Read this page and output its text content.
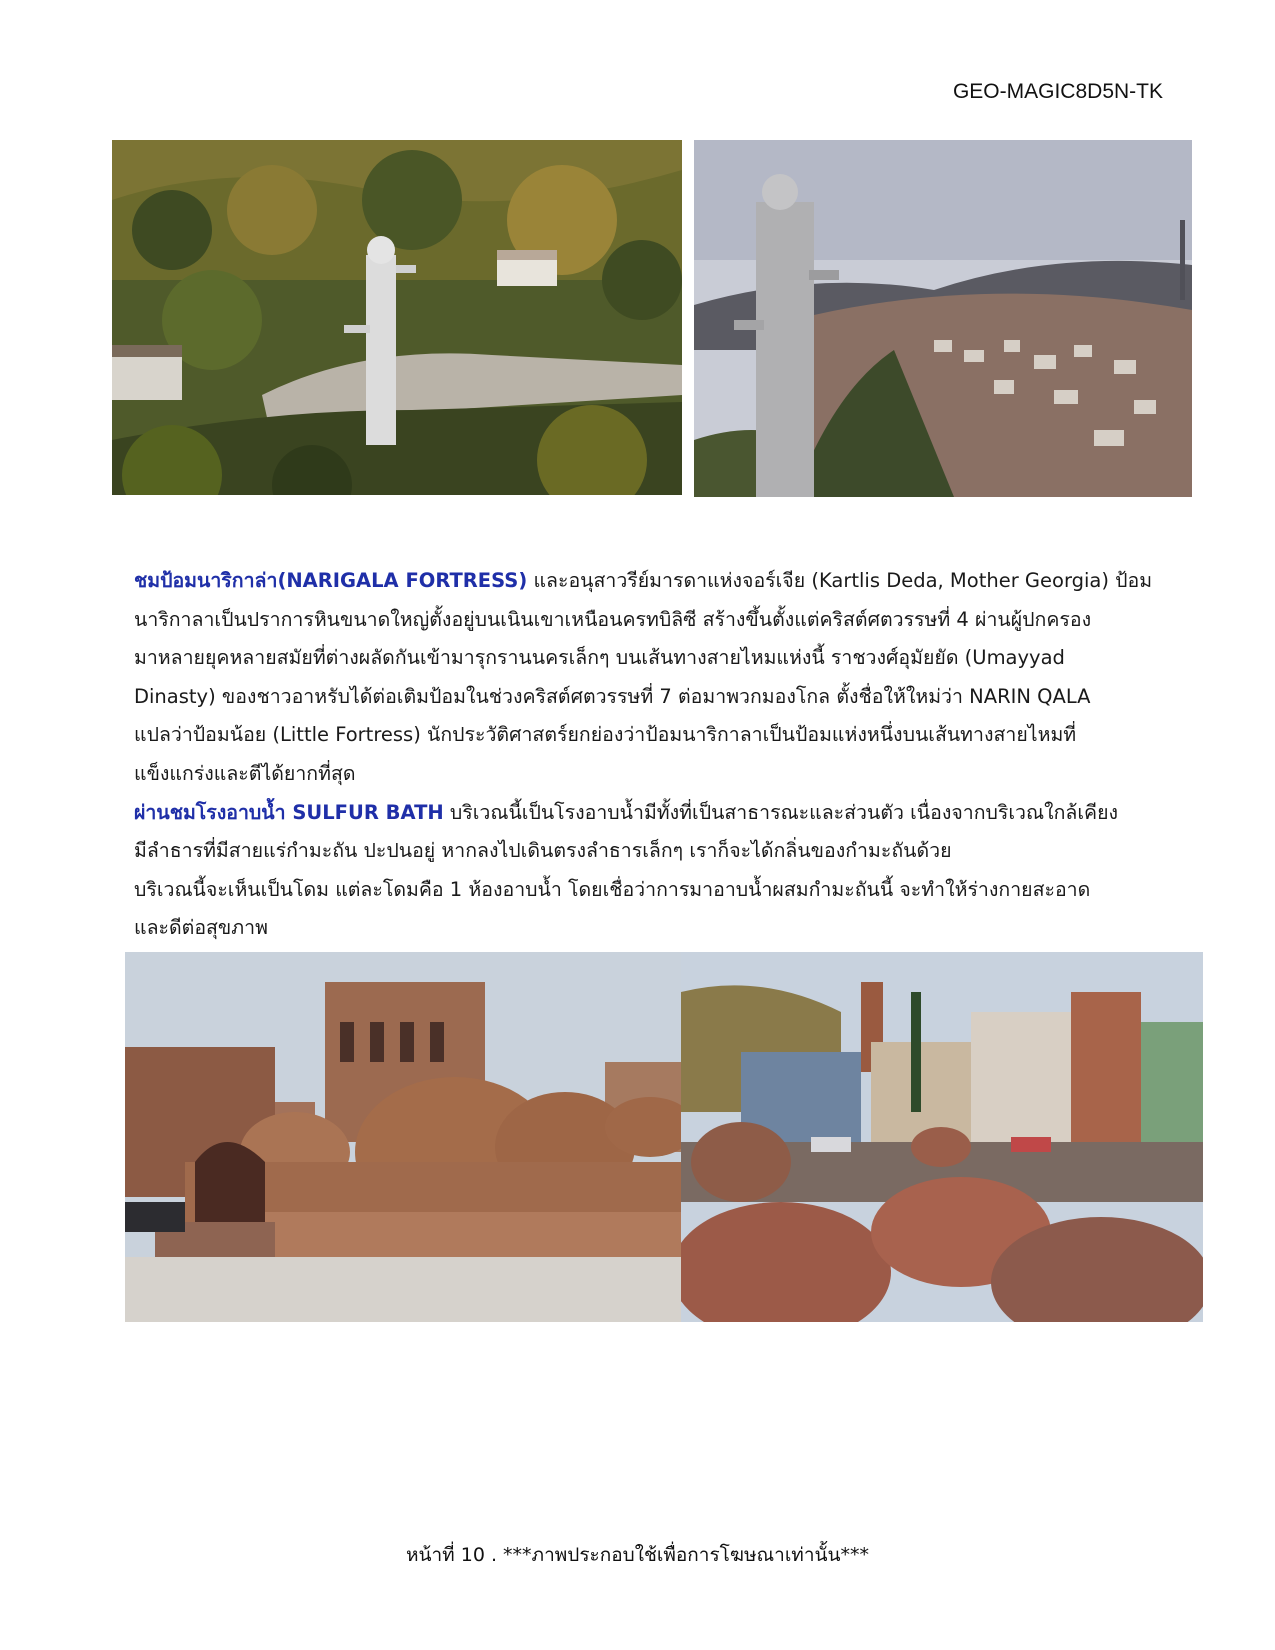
GEO-MAGIC8D5N-TK

ชมป้อมนาริกาล่า(NARIGALA FORTRESS) และอนุสาวรีย์มารดาแห่งจอร์เจีย (Kartlis Deda, Mother Georgia) ป้อม

นาริกาลาเป็นปราการหินขนาดใหญ่ตั้งอยู่บนเนินเขาเหนือนครทบิลิซี สร้างขึ้นตั้งแต่คริสต์ศตวรรษที่ 4 ผ่านผู้ปกครอง

มาหลายยุคหลายสมัยที่ต่างผลัดกันเข้ามารุกรานนครเล็กๆ บนเส้นทางสายไหมแห่งนี้ ราชวงศ์อุมัยยัด (Umayyad

Dinasty) ของชาวอาหรับได้ต่อเติมป้อมในช่วงคริสต์ศตวรรษที่ 7 ต่อมาพวกมองโกล ตั้งชื่อให้ใหม่ว่า NARIN QALA

แปลว่าป้อมน้อย (Little Fortress) นักประวัติศาสตร์ยกย่องว่าป้อมนาริกาลาเป็นป้อมแห่งหนึ่งบนเส้นทางสายไหมที่

แข็งแกร่งและตีได้ยากที่สุด

ผ่านชมโรงอาบน้ำ SULFUR BATH บริเวณนี้เป็นโรงอาบน้ำมีทั้งที่เป็นสาธารณะและส่วนตัว เนื่องจากบริเวณใกล้เคียง

มีลำธารที่มีสายแร่กำมะถัน ปะปนอยู่ หากลงไปเดินตรงลำธารเล็กๆ เราก็จะได้กลิ่นของกำมะถันด้วย

บริเวณนี้จะเห็นเป็นโดม แต่ละโดมคือ 1 ห้องอาบน้ำ โดยเชื่อว่าการมาอาบน้ำผสมกำมะถันนี้ จะทำให้ร่างกายสะอาด

และดีต่อสุขภาพ

หน้าที่ 10 . ***ภาพประกอบใช้เพื่อการโฆษณาเท่านั้น***
